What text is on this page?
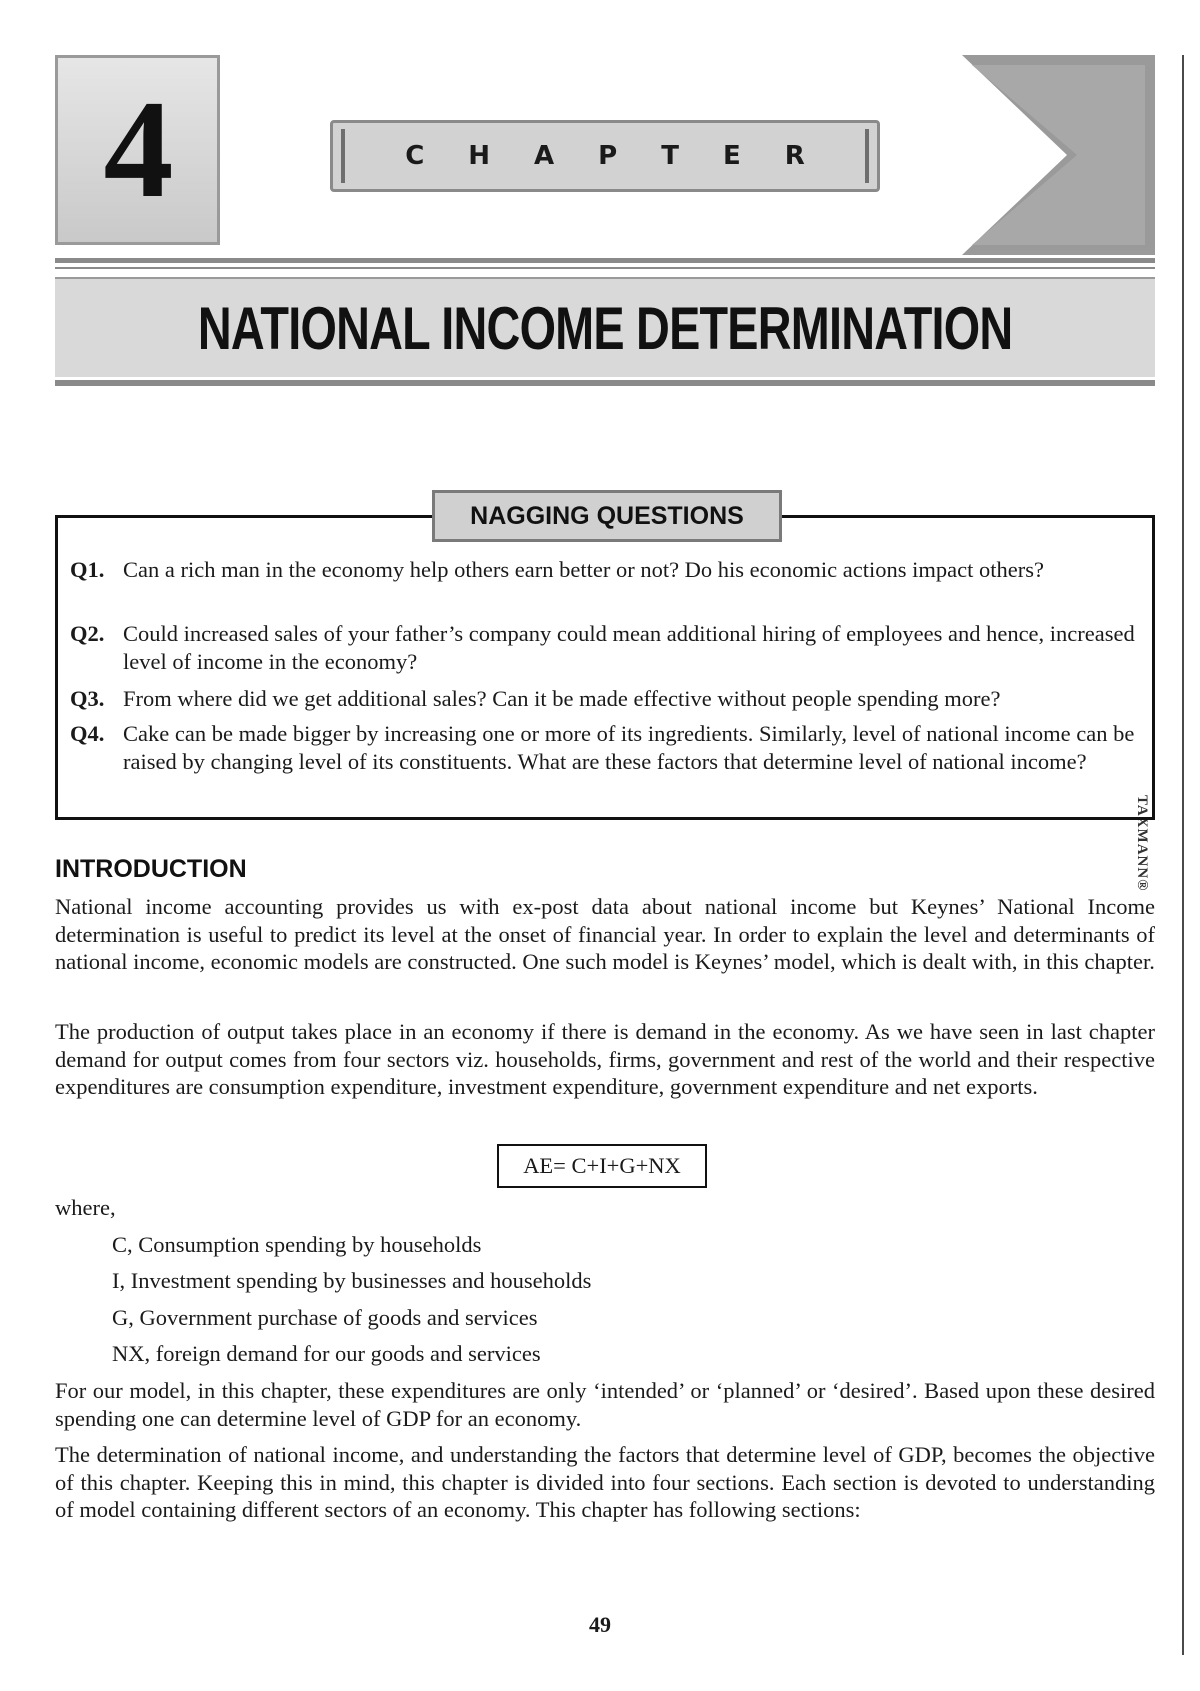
4	CHAPTER
NATIONAL INCOME DETERMINATION
TAXMANN®
NAGGING QUESTIONS
Q1. Can a rich man in the economy help others earn better or not? Do his economic actions impact others?
Q2. Could increased sales of your father’s company could mean additional hiring of employees and hence, increased level of income in the economy?
Q3. From where did we get additional sales? Can it be made effective without people spending more?
Q4. Cake can be made bigger by increasing one or more of its ingredients. Similarly, level of national income can be raised by changing level of its constituents. What are these factors that determine level of national income?
INTRODUCTION

National income accounting provides us with ex-post data about national income but Keynes’ National Income determination is useful to predict its level at the onset of financial year. In order to explain the level and determinants of national income, economic models are constructed. One such model is Keynes’ model, which is dealt with, in this chapter.

The production of output takes place in an economy if there is demand in the economy. As we have seen in last chapter demand for output comes from four sectors viz. households, firms, government and rest of the world and their respective expenditures are consumption expenditure, investment expenditure, government expenditure and net exports.

AE= C+I+G+NX
where,
C, Consumption spending by households
I, Investment spending by businesses and households
G, Government purchase of goods and services
NX, foreign demand for our goods and services

For our model, in this chapter, these expenditures are only ‘intended’ or ‘planned’ or ‘desired’. Based upon these desired spending one can determine level of GDP for an economy.

The determination of national income, and understanding the factors that determine level of GDP, becomes the objective of this chapter. Keeping this in mind, this chapter is divided into four sections. Each section is devoted to understanding of model containing different sectors of an economy. This chapter has following sections:

49
